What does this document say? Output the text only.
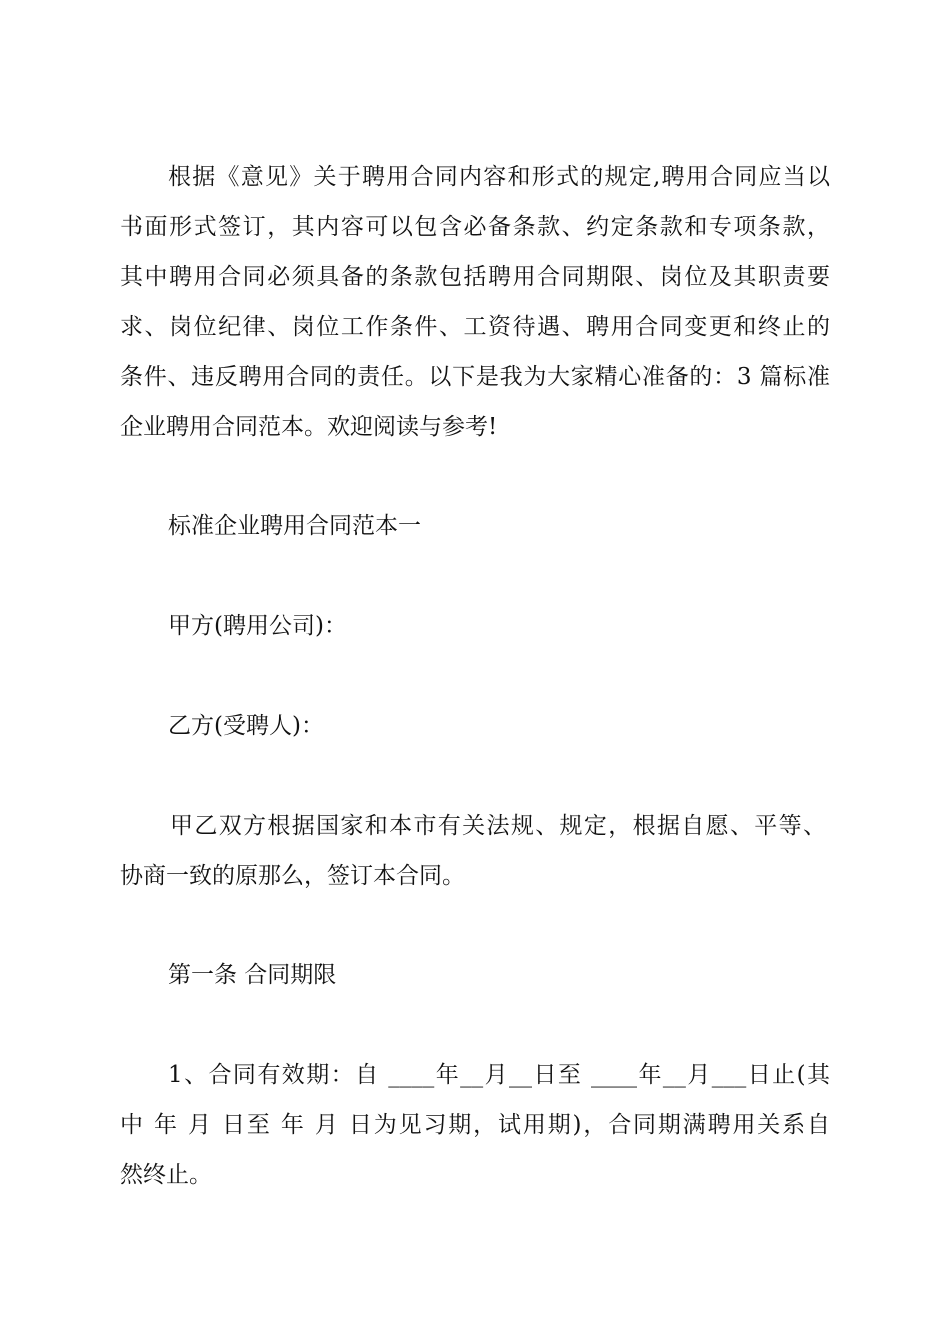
根据《意见》关于聘用合同内容和形式的规定,聘用合同应当以
书面形式签订，其内容可以包含必备条款、约定条款和专项条款，
其中聘用合同必须具备的条款包括聘用合同期限、岗位及其职责要
求、岗位纪律、岗位工作条件、工资待遇、聘用合同变更和终止的
条件、违反聘用合同的责任。以下是我为大家精心准备的：3 篇标准
企业聘用合同范本。欢迎阅读与参考!
标准企业聘用合同范本一
甲方(聘用公司)：
乙方(受聘人)：
甲乙双方根据国家和本市有关法规、规定，根据自愿、平等、
协商一致的原那么，签订本合同。
第一条 合同期限
1、合同有效期：自 ____年__月__日至 ____年__月___日止(其
中 年 月 日至 年 月 日为见习期，试用期)，合同期满聘用关系自
然终止。
